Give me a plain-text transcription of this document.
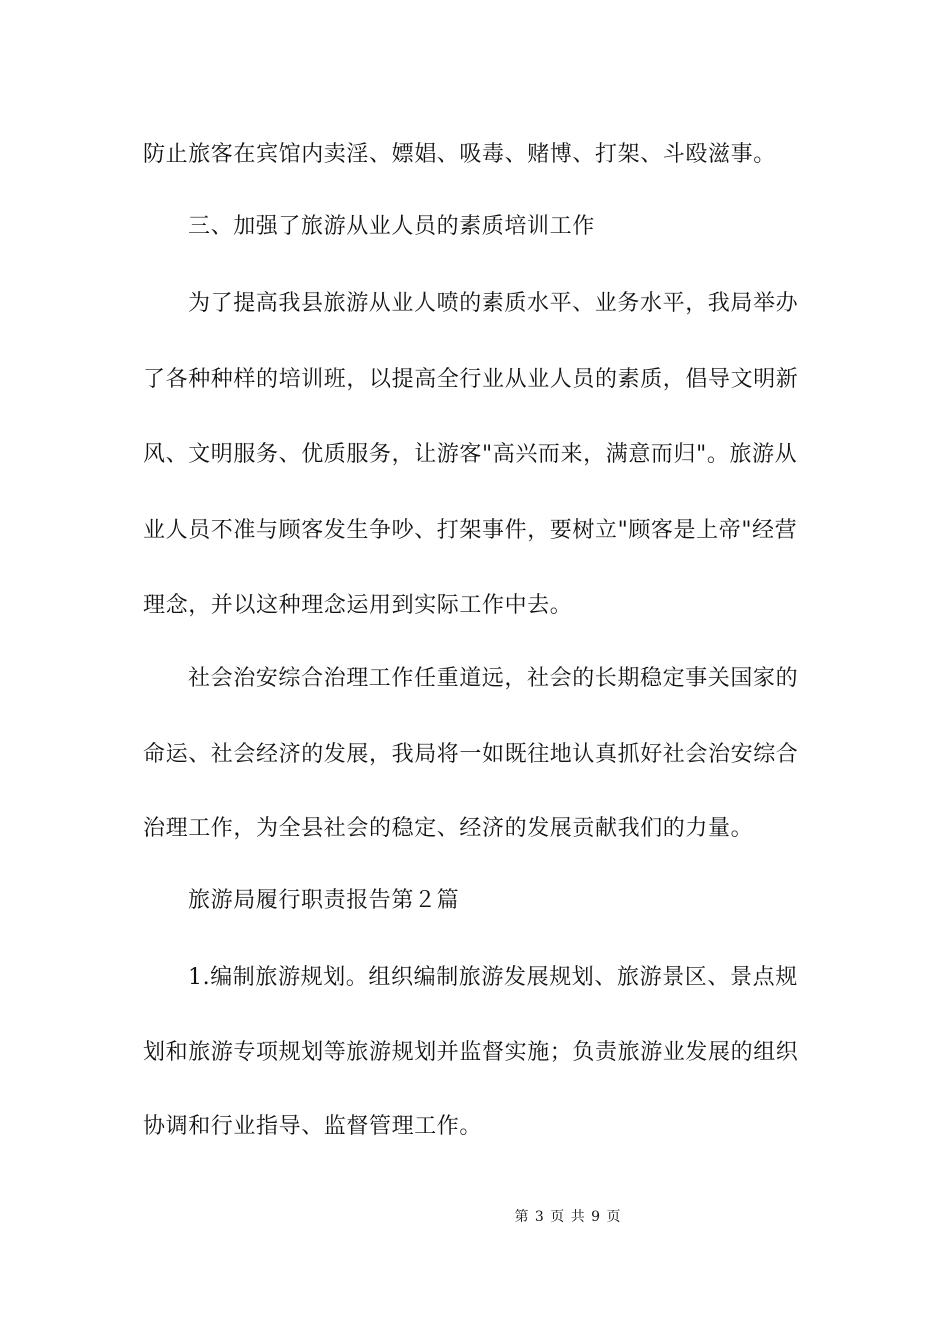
防止旅客在宾馆内卖淫、嫖娼、吸毒、赌博、打架、斗殴滋事。
三、加强了旅游从业人员的素质培训工作
为了提高我县旅游从业人喷的素质水平、业务水平，我局举办
了各种种样的培训班，以提高全行业从业人员的素质，倡导文明新
风、文明服务、优质服务，让游客"高兴而来，满意而归"。旅游从
业人员不准与顾客发生争吵、打架事件，要树立"顾客是上帝"经营
理念，并以这种理念运用到实际工作中去。
社会治安综合治理工作任重道远，社会的长期稳定事关国家的
命运、社会经济的发展，我局将一如既往地认真抓好社会治安综合
治理工作，为全县社会的稳定、经济的发展贡献我们的力量。
旅游局履行职责报告第２篇
1.编制旅游规划。组织编制旅游发展规划、旅游景区、景点规
划和旅游专项规划等旅游规划并监督实施；负责旅游业发展的组织
协调和行业指导、监督管理工作。
第 3 页 共 9 页
